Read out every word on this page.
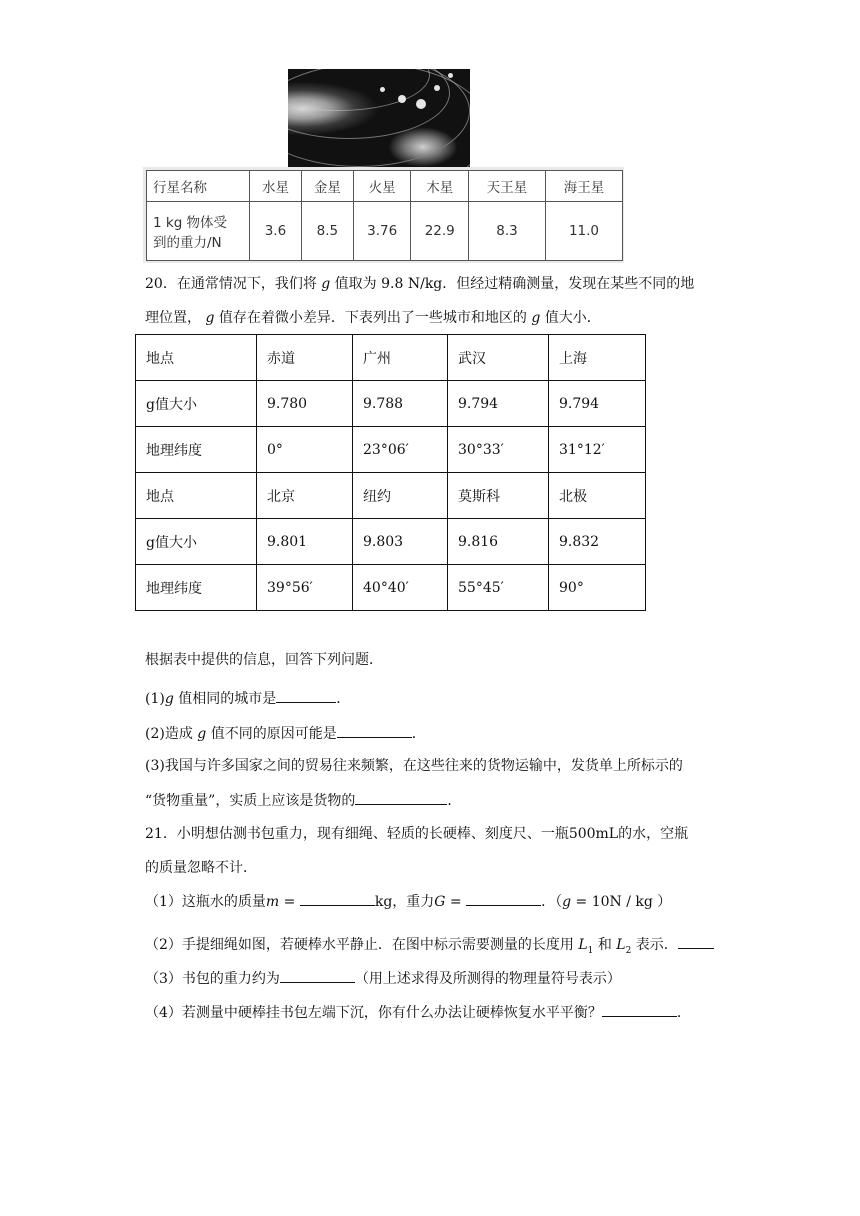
行星名称	水星	金星	火星	木星	天王星	海王星
1 kg 物体受
到的重力/N	3.6	8.5	3.76	22.9	8.3	11.0
20．在通常情况下，我们将 g 值取为 9.8 N/kg．但经过精确测量，发现在某些不同的地
理位置， g 值存在着微小差异．下表列出了一些城市和地区的 g 值大小．
地点	赤道	广州	武汉	上海
g值大小	9.780	9.788	9.794	9.794
地理纬度	0°	23°06′	30°33′	31°12′
地点	北京	纽约	莫斯科	北极
g值大小	9.801	9.803	9.816	9.832
地理纬度	39°56′	40°40′	55°45′	90°
根据表中提供的信息，回答下列问题．
(1)g 值相同的城市是	．
(2)造成 g 值不同的原因可能是	．
(3)我国与许多国家之间的贸易往来频繁，在这些往来的货物运输中，发货单上所标示的
“货物重量”，实质上应该是货物的	．
21．小明想估测书包重力，现有细绳、轻质的长硬棒、刻度尺、一瓶500mL的水，空瓶
的质量忽略不计．
（1）这瓶水的质量m =	kg，重力G =	．（g = 10N / kg ）
（2）手提细绳如图，若硬棒水平静止．在图中标示需要测量的长度用 $L_1$ 和 $L_2$ 表示．
（3）书包的重力约为	（用上述求得及所测得的物理量符号表示）
（4）若测量中硬棒挂书包左端下沉，你有什么办法让硬棒恢复水平平衡？	．
